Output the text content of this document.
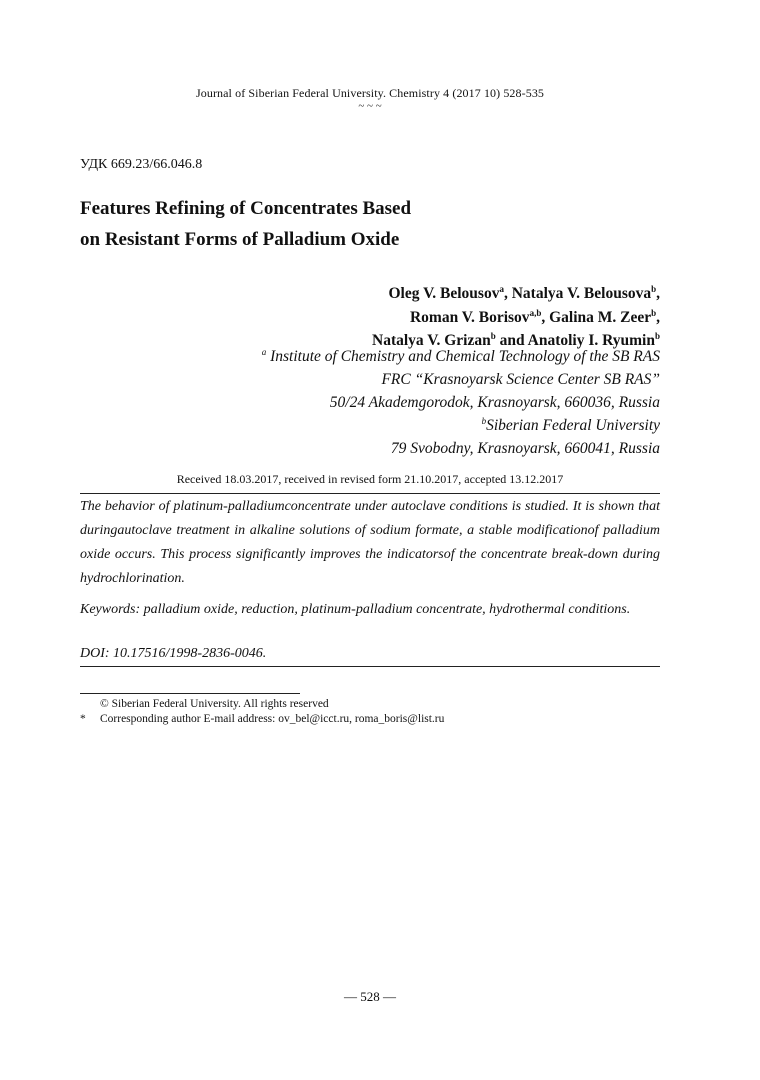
Journal of Siberian Federal University. Chemistry 4 (2017 10) 528-535
~ ~ ~
УДК 669.23/66.046.8
Features Refining of Concentrates Based
on Resistant Forms of Palladium Oxide
Oleg V. Belousov$^a$, Natalya V. Belousova$^b$,
Roman V. Borisov$^{a,b}$, Galina M. Zeer$^b$,
Natalya V. Grizan$^b$ and Anatoliy I. Ryumin$^b$
$^a$ Institute of Chemistry and Chemical Technology of the SB RAS
FRC “Krasnoyarsk Science Center SB RAS”
50/24 Akademgorodok, Krasnoyarsk, 660036, Russia
$^b$Siberian Federal University
79 Svobodny, Krasnoyarsk, 660041, Russia
Received 18.03.2017, received in revised form 21.10.2017, accepted 13.12.2017

The behavior of platinum-palladiumconcentrate under autoclave conditions is studied. It is shown that duringautoclave treatment in alkaline solutions of sodium formate, a stable modificationof palladium oxide occurs. This process significantly improves the indicatorsof the concentrate break-down during hydrochlorination.

Keywords: palladium oxide, reduction, platinum-palladium concentrate, hydrothermal conditions.
DOI: 10.17516/1998-2836-0046.
© Siberian Federal University. All rights reserved
* Corresponding author E-mail address: ov_bel@icct.ru, roma_boris@list.ru
— 528 —
